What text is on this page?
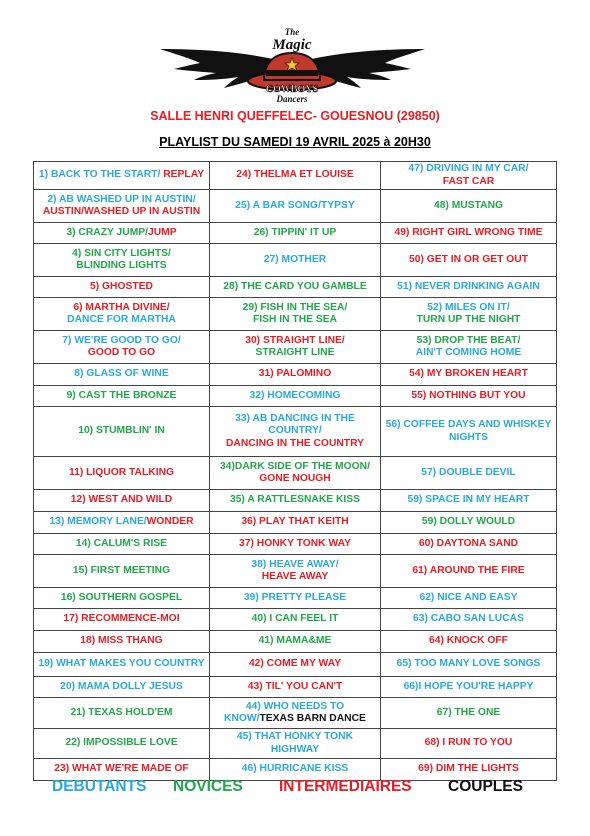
The
Magic
COWBOYS
Dancers
SALLE HENRI QUEFFELEC- GOUESNOU (29850)
PLAYLIST DU SAMEDI 19 AVRIL 2025 à 20H30
1) BACK TO THE START/ REPLAY	24) THELMA ET LOUISE	47) DRIVING IN MY CAR/
FAST CAR
2) AB WASHED UP IN AUSTIN/
AUSTIN/WASHED UP IN AUSTIN	25) A BAR SONG/TYPSY	48) MUSTANG
3) CRAZY JUMP/JUMP	26) TIPPIN' IT UP	49) RIGHT GIRL WRONG TIME
4) SIN CITY LIGHTS/
BLINDING LIGHTS	27) MOTHER	50) GET IN OR GET OUT
5) GHOSTED	28) THE CARD YOU GAMBLE	51) NEVER DRINKING AGAIN
6) MARTHA DIVINE/
DANCE FOR MARTHA	29) FISH IN THE SEA/
FISH IN THE SEA	52) MILES ON IT/
TURN UP THE NIGHT
7) WE'RE GOOD TO GO/
GOOD TO GO	30) STRAIGHT LINE/
STRAIGHT LINE	53) DROP THE BEAT/
AIN'T COMING HOME
8) GLASS OF WINE	31) PALOMINO	54) MY BROKEN HEART
9) CAST THE BRONZE	32) HOMECOMING	55) NOTHING BUT YOU
10) STUMBLIN' IN	33) AB DANCING IN THE
COUNTRY/
DANCING IN THE COUNTRY	56) COFFEE DAYS AND WHISKEY
NIGHTS
11) LIQUOR TALKING	34)DARK SIDE OF THE MOON/
GONE NOUGH	57) DOUBLE DEVIL
12) WEST AND WILD	35) A RATTLESNAKE KISS	59) SPACE IN MY HEART
13) MEMORY LANE/WONDER	36) PLAY THAT KEITH	59) DOLLY WOULD
14) CALUM'S RISE	37) HONKY TONK WAY	60) DAYTONA SAND
15) FIRST MEETING	38) HEAVE AWAY/
HEAVE AWAY	61) AROUND THE FIRE
16) SOUTHERN GOSPEL	39) PRETTY PLEASE	62) NICE AND EASY
17) RECOMMENCE-MOI	40) I CAN FEEL IT	63) CABO SAN LUCAS
18) MISS THANG	41) MAMA&ME	64) KNOCK OFF
19) WHAT MAKES YOU COUNTRY	42) COME MY WAY	65) TOO MANY LOVE SONGS
20) MAMA DOLLY JESUS	43) TIL' YOU CAN'T	66)I HOPE YOU'RE HAPPY
21) TEXAS HOLD'EM	44) WHO NEEDS TO
KNOW/TEXAS BARN DANCE	67) THE ONE
22) IMPOSSIBLE LOVE	45) THAT HONKY TONK
HIGHWAY	68) I RUN TO YOU
23) WHAT WE'RE MADE OF	46) HURRICANE KISS	69) DIM THE LIGHTS
DEBUTANTS NOVICES INTERMEDIAIRES COUPLES
